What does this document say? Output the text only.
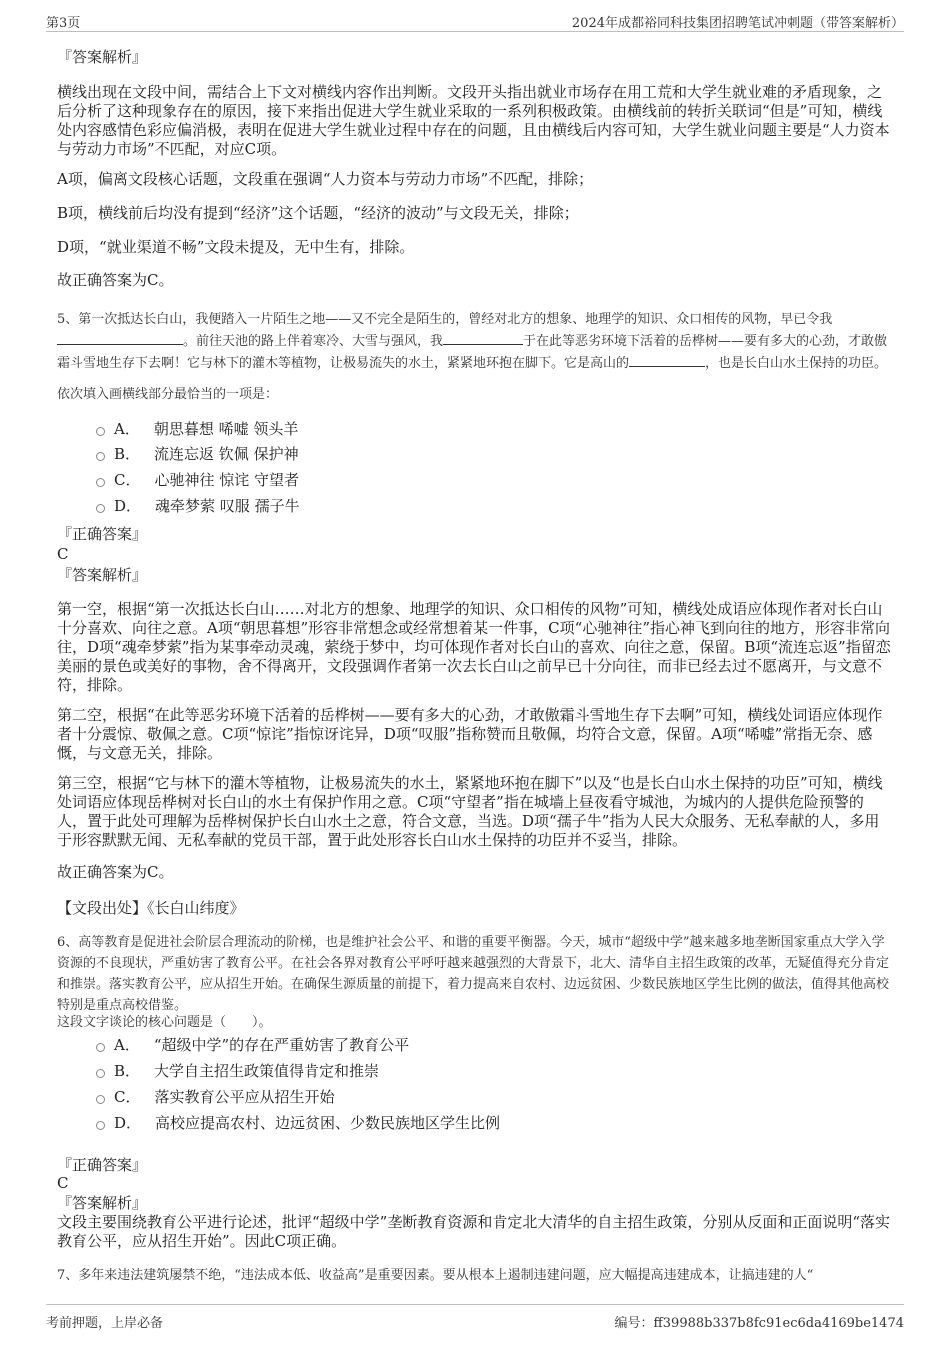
第3页	2024年成都裕同科技集团招聘笔试冲刺题（带答案解析）
『答案解析』

横线出现在文段中间，需结合上下文对横线内容作出判断。文段开头指出就业市场存在用工荒和大学生就业难的矛盾现象，之后分析了这种现象存在的原因，接下来指出促进大学生就业采取的一系列积极政策。由横线前的转折关联词“但是”可知，横线处内容感情色彩应偏消极，表明在促进大学生就业过程中存在的问题，且由横线后内容可知，大学生就业问题主要是“人力资本与劳动力市场”不匹配，对应C项。

A项，偏离文段核心话题，文段重在强调“人力资本与劳动力市场”不匹配，排除；

B项，横线前后均没有提到“经济”这个话题，“经济的波动”与文段无关，排除；

D项，“就业渠道不畅”文段未提及，无中生有，排除。

故正确答案为C。

5、第一次抵达长白山，我便踏入一片陌生之地——又不完全是陌生的，曾经对北方的想象、地理学的知识、众口相传的风物，早已令我。前往天池的路上伴着寒冷、大雪与强风，我	于在此等恶劣环境下活着的岳桦树——要有多大的心劲，才敢傲霜斗雪地生存下去啊！它与林下的灌木等植物，让极易流失的水土，紧紧地环抱在脚下。它是高山的	，也是长白山水土保持的功臣。

依次填入画横线部分最恰当的一项是：
A． 朝思暮想 唏嘘 领头羊
B． 流连忘返 钦佩 保护神
C． 心驰神往 惊诧 守望者
D． 魂牵梦萦 叹服 孺子牛
『正确答案』
C
『答案解析』

第一空，根据“第一次抵达长白山……对北方的想象、地理学的知识、众口相传的风物”可知，横线处成语应体现作者对长白山十分喜欢、向往之意。A项“朝思暮想”形容非常想念或经常想着某一件事，C项“心驰神往”指心神飞到向往的地方，形容非常向往，D项“魂牵梦萦”指为某事牵动灵魂，萦绕于梦中，均可体现作者对长白山的喜欢、向往之意，保留。B项“流连忘返”指留恋美丽的景色或美好的事物，舍不得离开，文段强调作者第一次去长白山之前早已十分向往，而非已经去过不愿离开，与文意不符，排除。

第二空，根据“在此等恶劣环境下活着的岳桦树——要有多大的心劲，才敢傲霜斗雪地生存下去啊”可知，横线处词语应体现作者十分震惊、敬佩之意。C项“惊诧”指惊讶诧异，D项“叹服”指称赞而且敬佩，均符合文意，保留。A项“唏嘘”常指无奈、感慨，与文意无关，排除。

第三空，根据“它与林下的灌木等植物，让极易流失的水土，紧紧地环抱在脚下”以及“也是长白山水土保持的功臣”可知，横线处词语应体现岳桦树对长白山的水土有保护作用之意。C项“守望者”指在城墙上昼夜看守城池，为城内的人提供危险预警的人，置于此处可理解为岳桦树保护长白山水土之意，符合文意，当选。D项“孺子牛”指为人民大众服务、无私奉献的人，多用于形容默默无闻、无私奉献的党员干部，置于此处形容长白山水土保持的功臣并不妥当，排除。

故正确答案为C。

【文段出处】《长白山纬度》

6、高等教育是促进社会阶层合理流动的阶梯，也是维护社会公平、和谐的重要平衡器。今天，城市“超级中学”越来越多地垄断国家重点大学入学资源的不良现状，严重妨害了教育公平。在社会各界对教育公平呼吁越来越强烈的大背景下，北大、清华自主招生政策的改革，无疑值得充分肯定和推崇。落实教育公平，应从招生开始。在确保生源质量的前提下，着力提高来自农村、边远贫困、少数民族地区学生比例的做法，值得其他高校特别是重点高校借鉴。

这段文字谈论的核心问题是（　　）。
A． “超级中学”的存在严重妨害了教育公平
B． 大学自主招生政策值得肯定和推崇
C． 落实教育公平应从招生开始
D． 高校应提高农村、边远贫困、少数民族地区学生比例
『正确答案』
C
『答案解析』

文段主要围绕教育公平进行论述，批评“超级中学”垄断教育资源和肯定北大清华的自主招生政策，分别从反面和正面说明“落实教育公平，应从招生开始”。因此C项正确。

7、多年来违法建筑屡禁不绝，“违法成本低、收益高”是重要因素。要从根本上遏制违建问题，应大幅提高违建成本，让搞违建的人“

考前押题，上岸必备	编号：ff39988b337b8fc91ec6da4169be1474
